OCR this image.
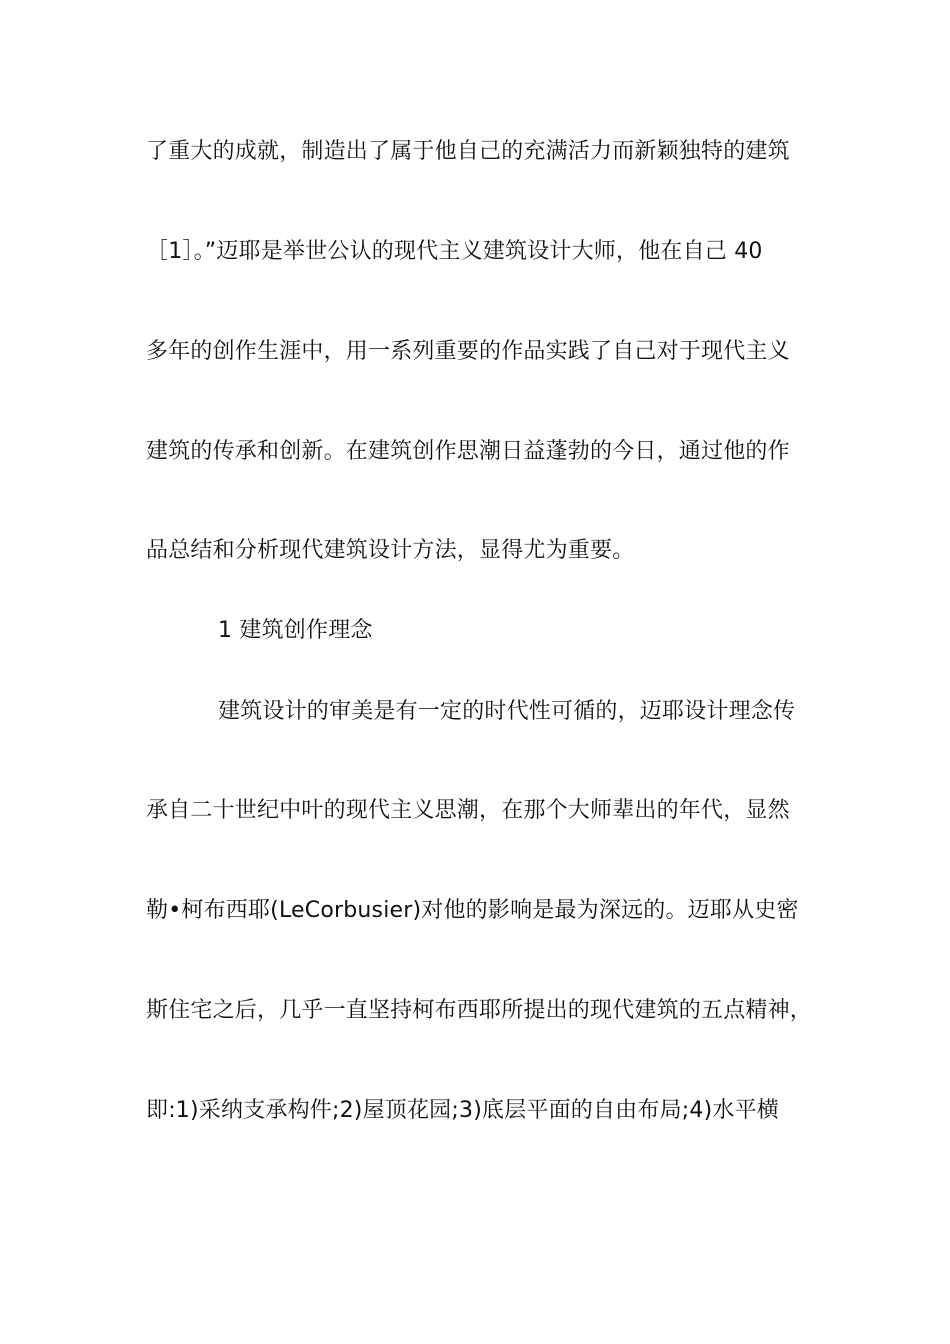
了重大的成就，制造出了属于他自己的充满活力而新颖独特的建筑
［1］。”迈耶是举世公认的现代主义建筑设计大师，他在自己 40
多年的创作生涯中，用一系列重要的作品实践了自己对于现代主义
建筑的传承和创新。在建筑创作思潮日益蓬勃的今日，通过他的作
品总结和分析现代建筑设计方法，显得尤为重要。
1 建筑创作理念
建筑设计的审美是有一定的时代性可循的，迈耶设计理念传
承自二十世纪中叶的现代主义思潮，在那个大师辈出的年代，显然
勒•柯布西耶(LeCorbusier)对他的影响是最为深远的。迈耶从史密
斯住宅之后，几乎一直坚持柯布西耶所提出的现代建筑的五点精神，
即:1)采纳支承构件;2)屋顶花园;3)底层平面的自由布局;4)水平横
